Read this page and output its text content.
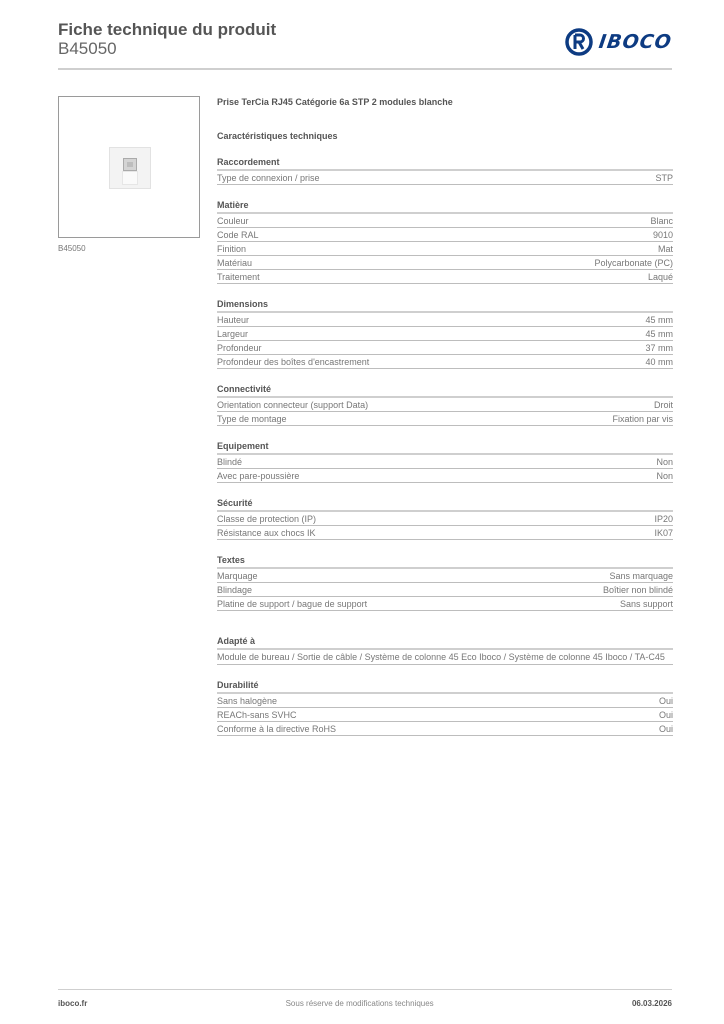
Fiche technique du produit

B45050	IBOCO
B45050

Prise TerCia RJ45 Catégorie 6a STP 2 modules blanche

Caractéristiques techniques
Raccordement
Type de connexion / prise	STP
Matière
Couleur	Blanc
Code RAL	9010
Finition	Mat
Matériau	Polycarbonate (PC)
Traitement	Laqué
Dimensions
Hauteur	45 mm
Largeur	45 mm
Profondeur	37 mm
Profondeur des boîtes d'encastrement	40 mm
Connectivité
Orientation connecteur (support Data)	Droit
Type de montage	Fixation par vis
Equipement
Blindé	Non
Avec pare-poussière	Non
Sécurité
Classe de protection (IP)	IP20
Résistance aux chocs IK	IK07
Textes
Marquage	Sans marquage
Blindage	Boîtier non blindé
Platine de support / bague de support	Sans support
Adapté à
Module de bureau / Sortie de câble / Système de colonne 45 Eco Iboco / Système de colonne 45 Iboco / TA-C45
Durabilité
Sans halogène	Oui
REACh-sans SVHC	Oui
Conforme à la directive RoHS	Oui
iboco.fr	Sous réserve de modifications techniques	06.03.2026
